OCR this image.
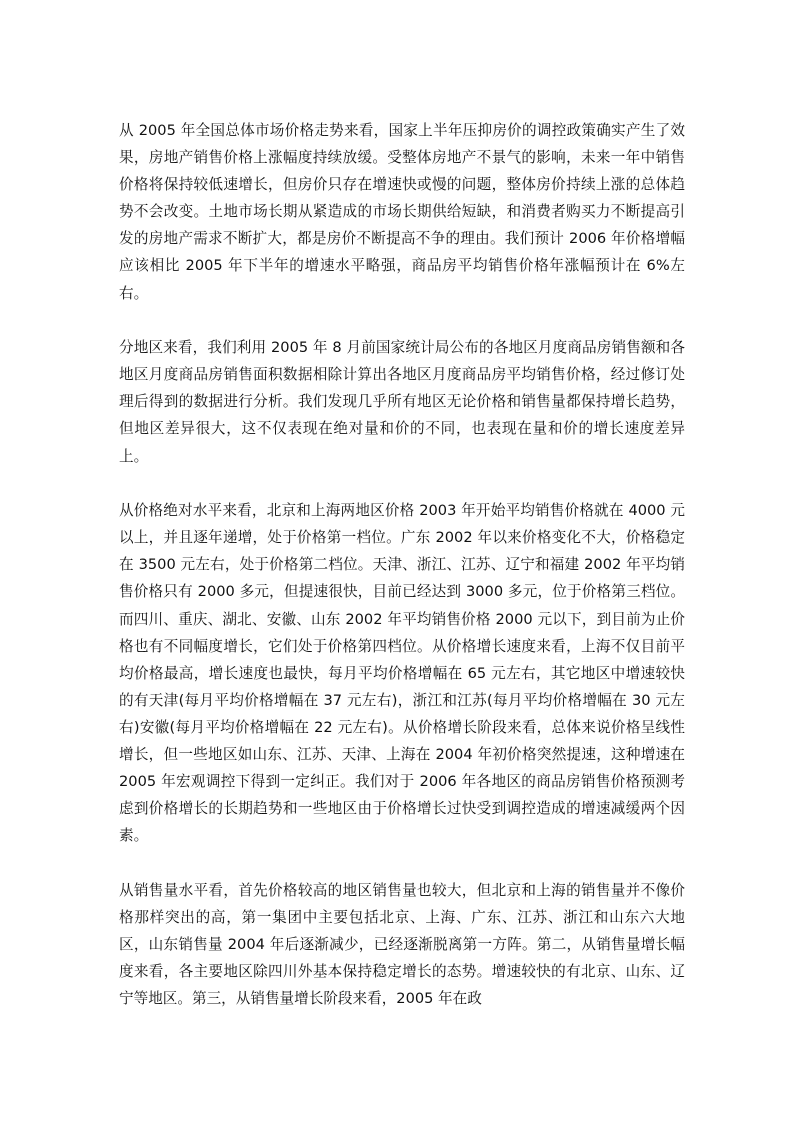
从 2005 年全国总体市场价格走势来看，国家上半年压抑房价的调控政策确实产生了效果，房地产销售价格上涨幅度持续放缓。受整体房地产不景气的影响，未来一年中销售价格将保持较低速增长，但房价只存在增速快或慢的问题，整体房价持续上涨的总体趋势不会改变。土地市场长期从紧造成的市场长期供给短缺，和消费者购买力不断提高引发的房地产需求不断扩大，都是房价不断提高不争的理由。我们预计 2006 年价格增幅应该相比 2005 年下半年的增速水平略强，商品房平均销售价格年涨幅预计在 6%左右。

分地区来看，我们利用 2005 年 8 月前国家统计局公布的各地区月度商品房销售额和各地区月度商品房销售面积数据相除计算出各地区月度商品房平均销售价格，经过修订处理后得到的数据进行分析。我们发现几乎所有地区无论价格和销售量都保持增长趋势，但地区差异很大，这不仅表现在绝对量和价的不同，也表现在量和价的增长速度差异上。

从价格绝对水平来看，北京和上海两地区价格 2003 年开始平均销售价格就在 4000 元以上，并且逐年递增，处于价格第一档位。广东 2002 年以来价格变化不大，价格稳定在 3500 元左右，处于价格第二档位。天津、浙江、江苏、辽宁和福建 2002 年平均销售价格只有 2000 多元，但提速很快，目前已经达到 3000 多元，位于价格第三档位。而四川、重庆、湖北、安徽、山东 2002 年平均销售价格 2000 元以下，到目前为止价格也有不同幅度增长，它们处于价格第四档位。从价格增长速度来看，上海不仅目前平均价格最高，增长速度也最快，每月平均价格增幅在 65 元左右，其它地区中增速较快的有天津(每月平均价格增幅在 37 元左右)，浙江和江苏(每月平均价格增幅在 30 元左右)安徽(每月平均价格增幅在 22 元左右)。从价格增长阶段来看，总体来说价格呈线性增长，但一些地区如山东、江苏、天津、上海在 2004 年初价格突然提速，这种增速在 2005 年宏观调控下得到一定纠正。我们对于 2006 年各地区的商品房销售价格预测考虑到价格增长的长期趋势和一些地区由于价格增长过快受到调控造成的增速减缓两个因素。

从销售量水平看，首先价格较高的地区销售量也较大，但北京和上海的销售量并不像价格那样突出的高，第一集团中主要包括北京、上海、广东、江苏、浙江和山东六大地区，山东销售量 2004 年后逐渐减少，已经逐渐脱离第一方阵。第二，从销售量增长幅度来看，各主要地区除四川外基本保持稳定增长的态势。增速较快的有北京、山东、辽宁等地区。第三，从销售量增长阶段来看，2005 年在政
